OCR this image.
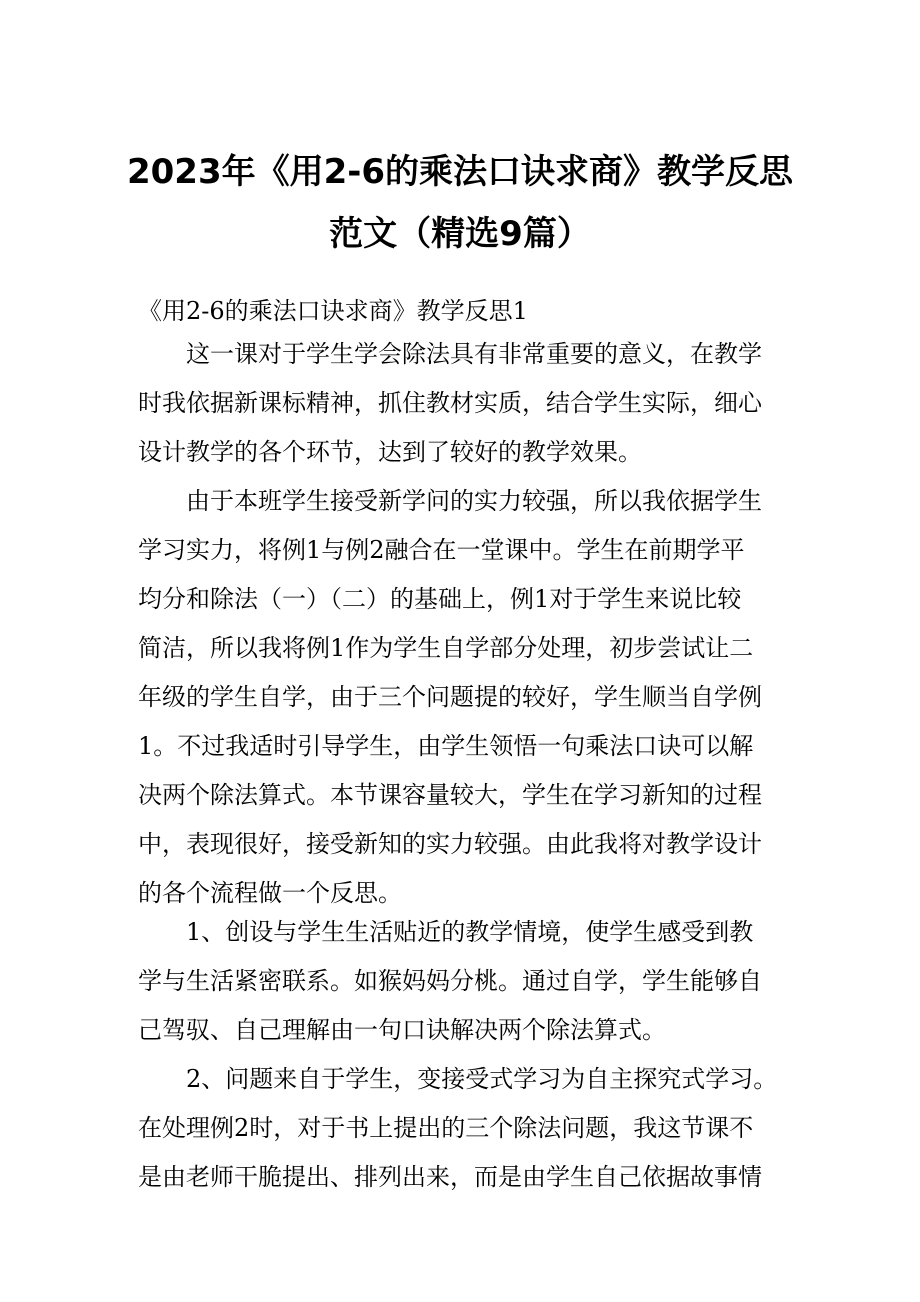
2023年《用2-6的乘法口诀求商》教学反思
范文（精选9篇）
《用2-6的乘法口诀求商》教学反思1
这一课对于学生学会除法具有非常重要的意义，在教学
时我依据新课标精神，抓住教材实质，结合学生实际，细心
设计教学的各个环节，达到了较好的教学效果。
由于本班学生接受新学问的实力较强，所以我依据学生
学习实力，将例1与例2融合在一堂课中。学生在前期学平
均分和除法（一）（二）的基础上，例1对于学生来说比较
简洁，所以我将例1作为学生自学部分处理，初步尝试让二
年级的学生自学，由于三个问题提的较好，学生顺当自学例
1。不过我适时引导学生，由学生领悟一句乘法口诀可以解
决两个除法算式。本节课容量较大，学生在学习新知的过程
中，表现很好，接受新知的实力较强。由此我将对教学设计
的各个流程做一个反思。
1、创设与学生生活贴近的教学情境，使学生感受到教
学与生活紧密联系。如猴妈妈分桃。通过自学，学生能够自
己驾驭、自己理解由一句口诀解决两个除法算式。
2、问题来自于学生，变接受式学习为自主探究式学习。
在处理例2时，对于书上提出的三个除法问题，我这节课不
是由老师干脆提出、排列出来，而是由学生自己依据故事情
